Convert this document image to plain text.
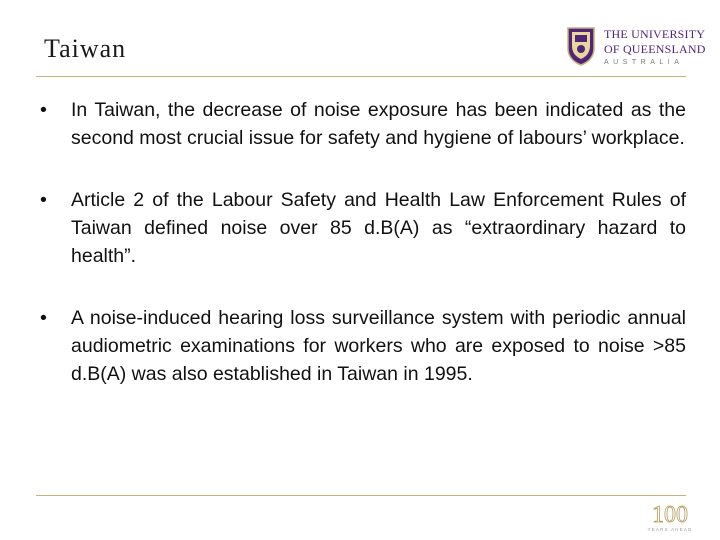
Taiwan	THE UNIVERSITY
OF QUEENSLAND
AUSTRALIA
• In Taiwan, the decrease of noise exposure has been indicated as the second most crucial issue for safety and hygiene of labours’ workplace.
• Article 2 of the Labour Safety and Health Law Enforcement Rules of Taiwan defined noise over 85 d.B(A) as “extraordinary hazard to health”.
• A noise-induced hearing loss surveillance system with periodic annual audiometric examinations for workers who are exposed to noise >85 d.B(A) was also established in Taiwan in 1995.
100
YEARS AHEAD
